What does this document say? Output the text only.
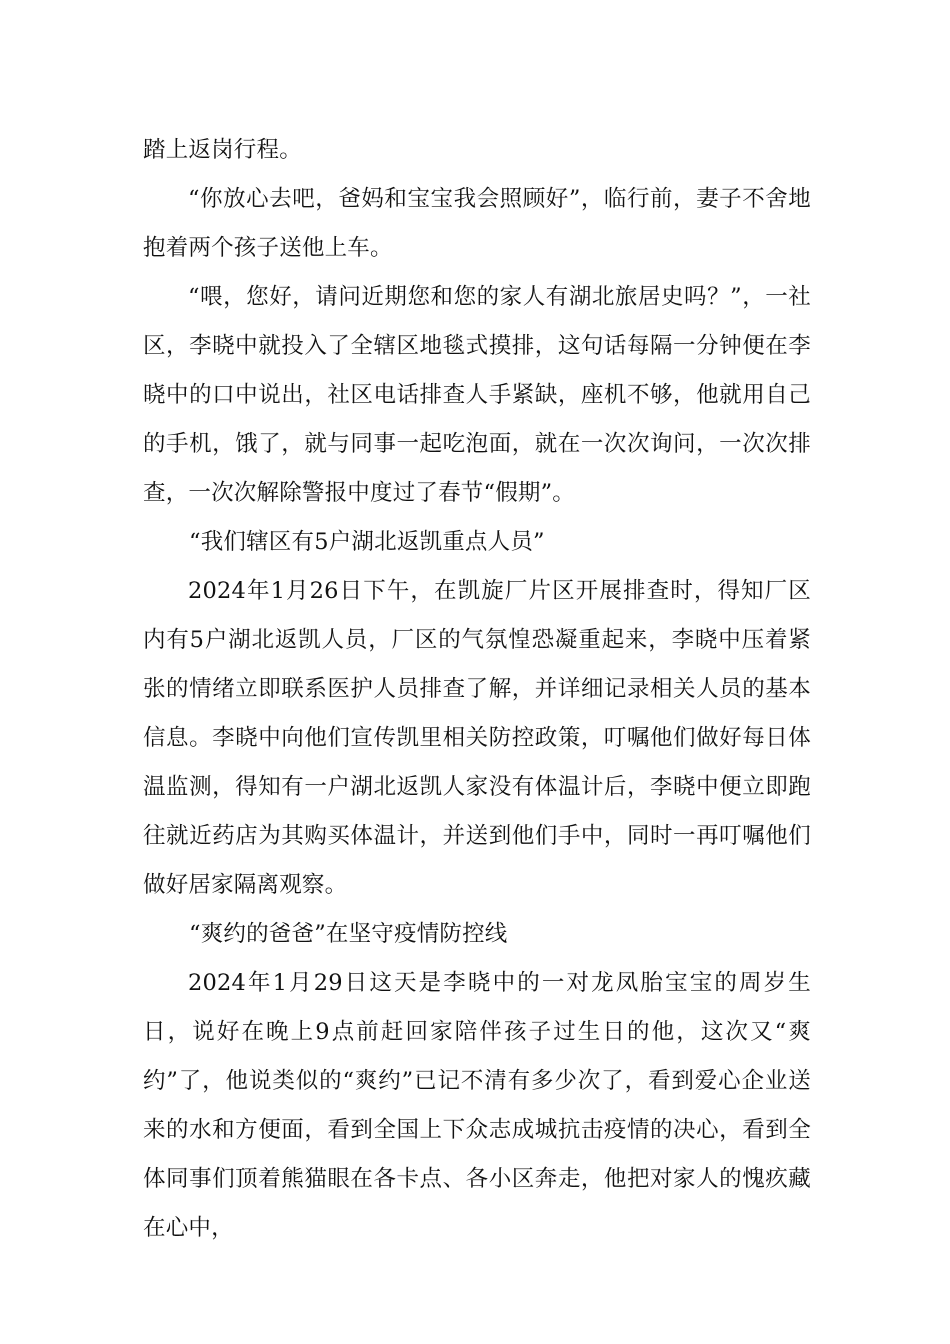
踏上返岗行程。

“你放心去吧，爸妈和宝宝我会照顾好”，临行前，妻子不舍地抱着两个孩子送他上车。

“喂，您好，请问近期您和您的家人有湖北旅居史吗？”，一社区，李晓中就投入了全辖区地毯式摸排，这句话每隔一分钟便在李晓中的口中说出，社区电话排查人手紧缺，座机不够，他就用自己的手机，饿了，就与同事一起吃泡面，就在一次次询问，一次次排查，一次次解除警报中度过了春节“假期”。

“我们辖区有5户湖北返凯重点人员”

2024年1月26日下午，在凯旋厂片区开展排查时，得知厂区内有5户湖北返凯人员，厂区的气氛惶恐凝重起来，李晓中压着紧张的情绪立即联系医护人员排查了解，并详细记录相关人员的基本信息。李晓中向他们宣传凯里相关防控政策，叮嘱他们做好每日体温监测，得知有一户湖北返凯人家没有体温计后，李晓中便立即跑往就近药店为其购买体温计，并送到他们手中，同时一再叮嘱他们做好居家隔离观察。

“爽约的爸爸”在坚守疫情防控线

2024年1月29日这天是李晓中的一对龙凤胎宝宝的周岁生日，说好在晚上9点前赶回家陪伴孩子过生日的他，这次又“爽约”了，他说类似的“爽约”已记不清有多少次了，看到爱心企业送来的水和方便面，看到全国上下众志成城抗击疫情的决心，看到全体同事们顶着熊猫眼在各卡点、各小区奔走，他把对家人的愧疚藏在心中，
